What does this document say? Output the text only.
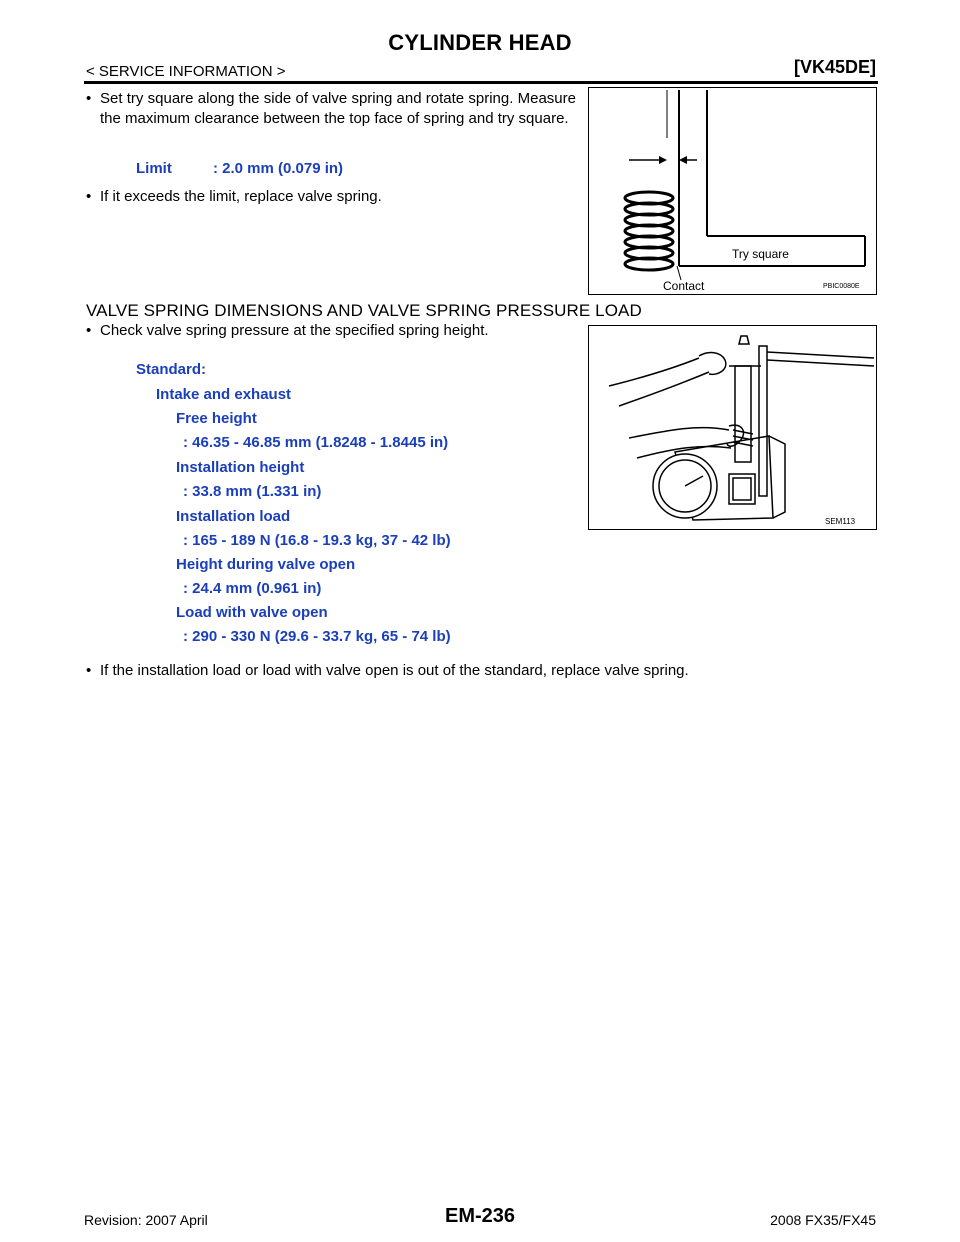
CYLINDER HEAD
< SERVICE INFORMATION >	[VK45DE]
• Set try square along the side of valve spring and rotate spring. Measure the maximum clearance between the top face of spring and try square.
Limit	: 2.0 mm (0.079 in)
• If it exceeds the limit, replace valve spring.
Try square
Contact	PBIC0080E
VALVE SPRING DIMENSIONS AND VALVE SPRING PRESSURE LOAD
• Check valve spring pressure at the specified spring height.
Standard:
Intake and exhaust
Free height
: 46.35 - 46.85 mm (1.8248 - 1.8445 in)
Installation height
: 33.8 mm (1.331 in)
Installation load
: 165 - 189 N (16.8 - 19.3 kg, 37 - 42 lb)
Height during valve open
: 24.4 mm (0.961 in)
Load with valve open
: 290 - 330 N (29.6 - 33.7 kg, 65 - 74 lb)
• If the installation load or load with valve open is out of the standard, replace valve spring.
SEM113
EM-236
Revision: 2007 April	2008 FX35/FX45
